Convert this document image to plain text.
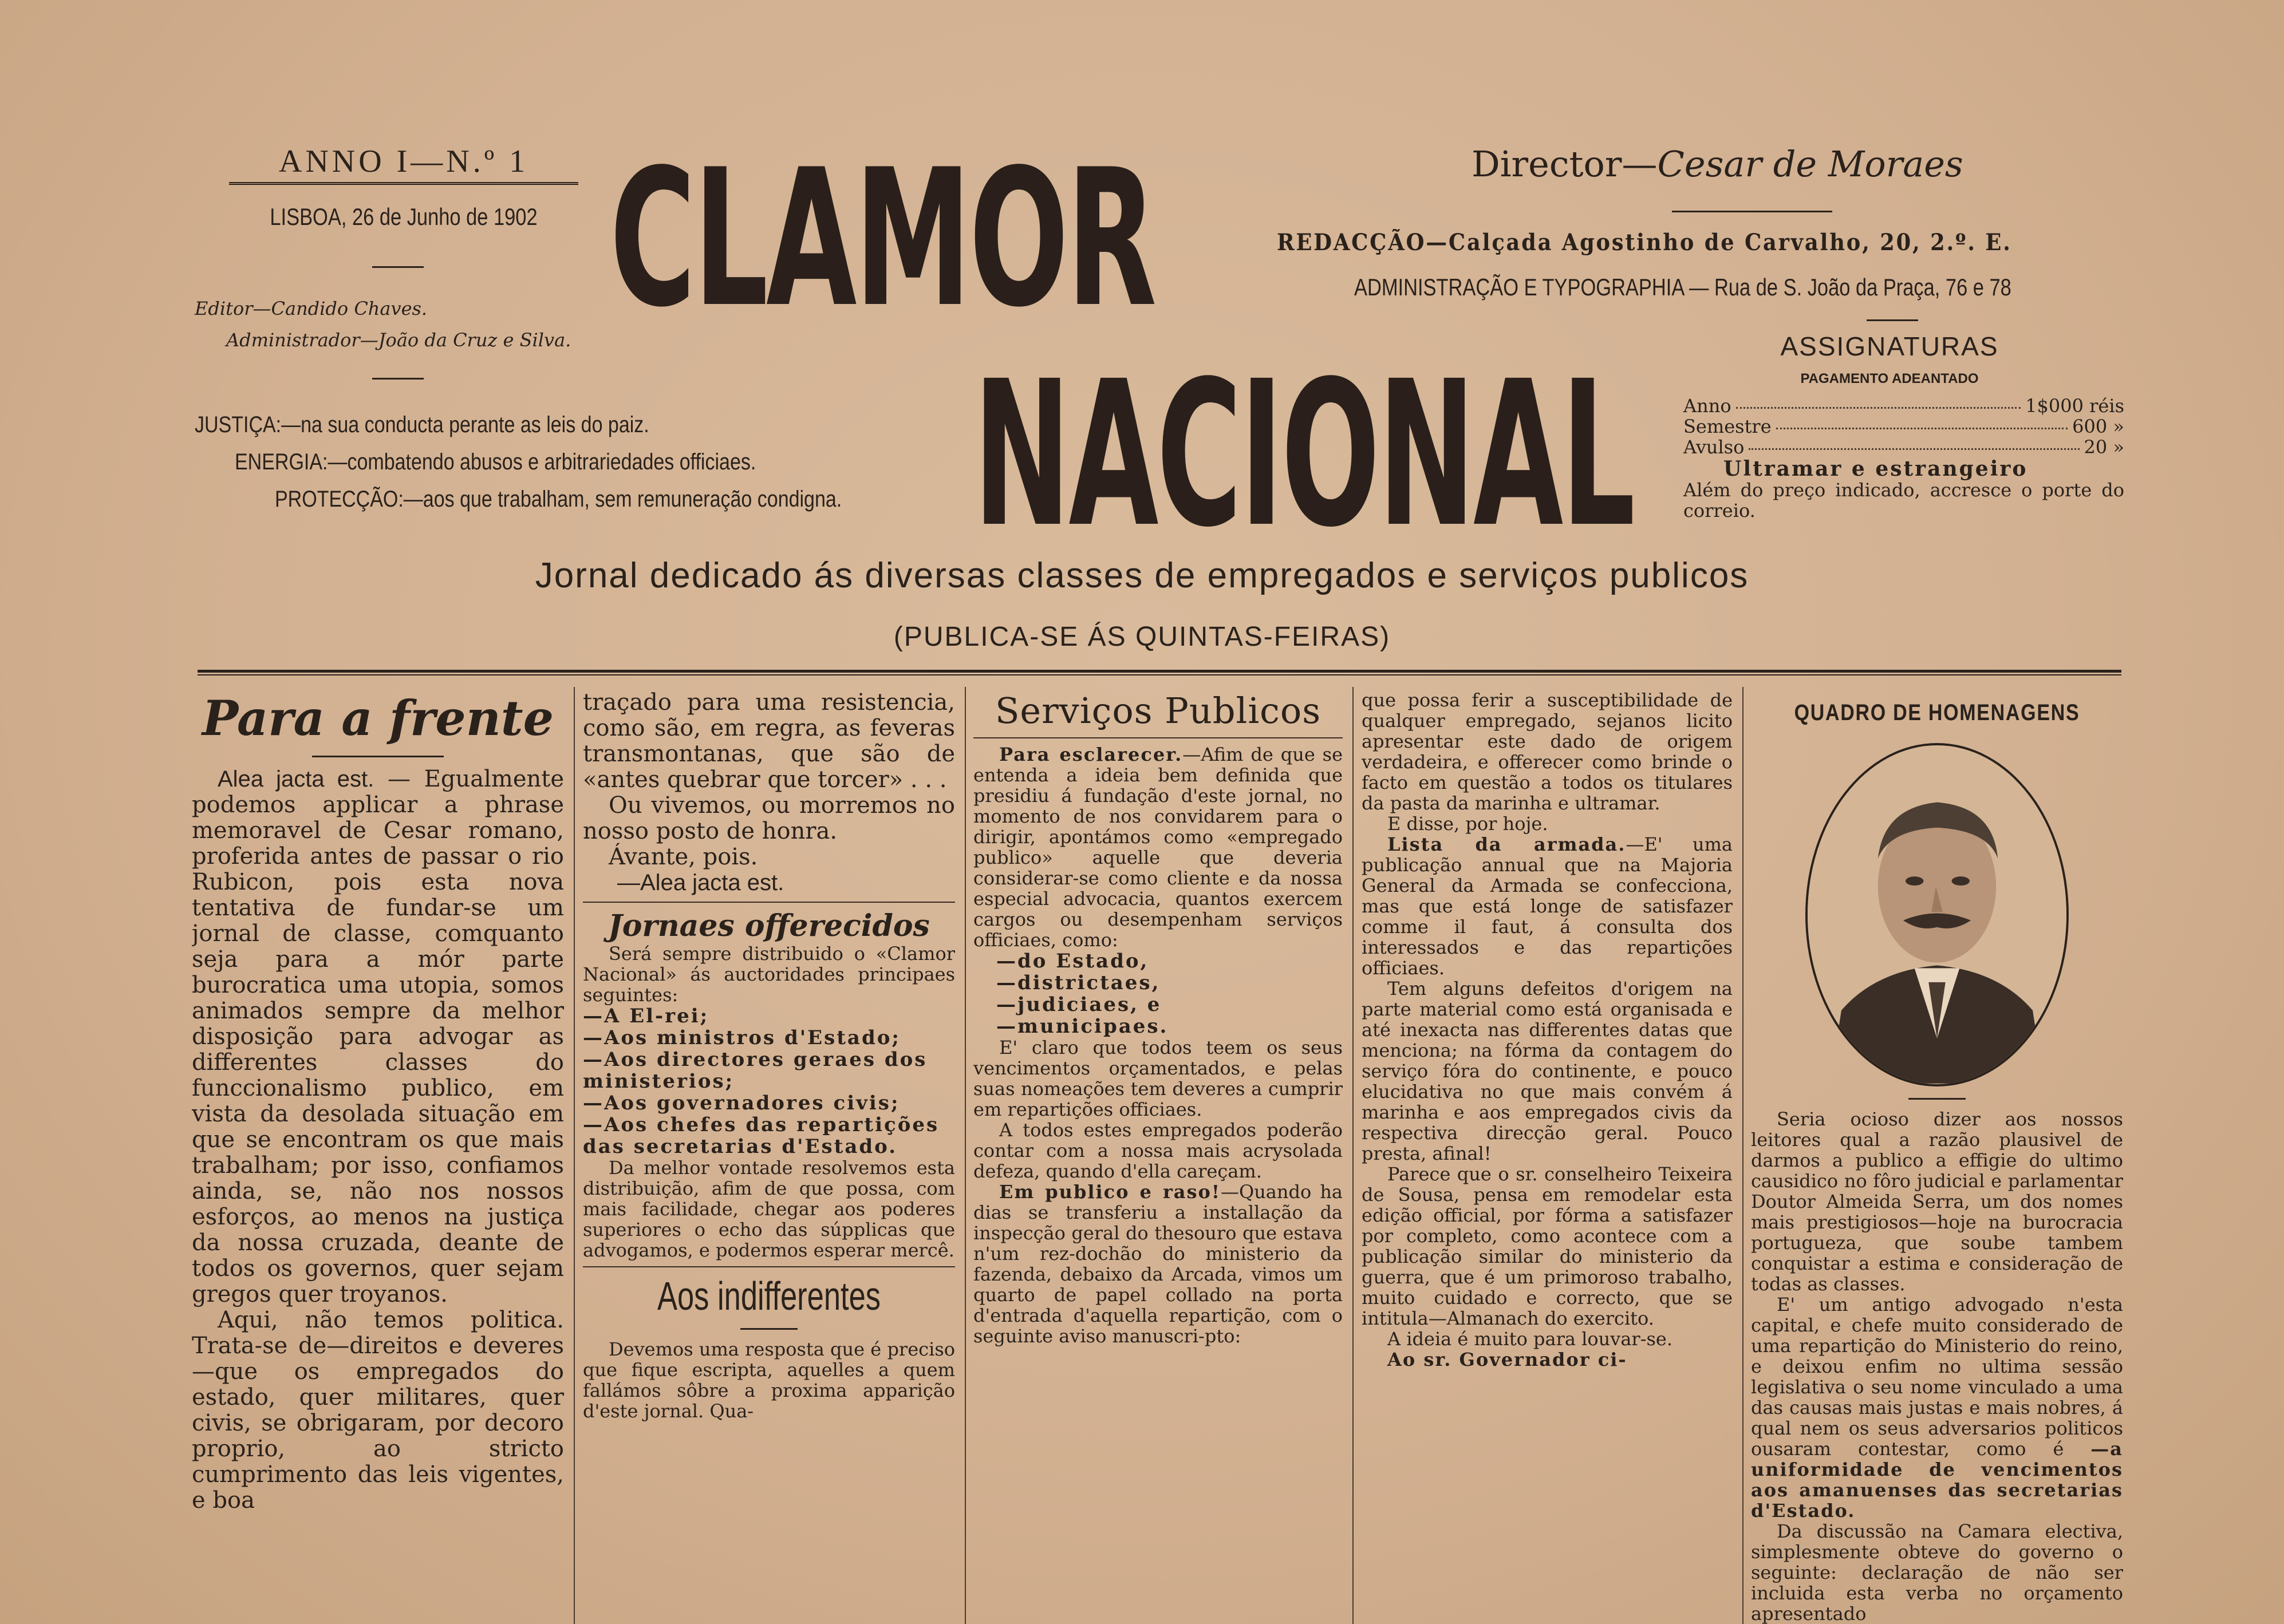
ANNO I—N.º 1
LISBOA, 26 de Junho de 1902
Editor—Candido Chaves.
Administrador—João da Cruz e Silva.
JUSTIÇA:—na sua conducta perante as leis do paiz.
ENERGIA:—combatendo abusos e arbitrariedades officiaes.
PROTECÇÃO:—aos que trabalham, sem remuneração condigna.
CLAMOR
NACIONAL
Director—Cesar de Moraes
REDACÇÃO—Calçada Agostinho de Carvalho, 20, 2.º. E.
ADMINISTRAÇÃO E TYPOGRAPHIA — Rua de S. João da Praça, 76 e 78
ASSIGNATURAS
PAGAMENTO ADEANTADO
Anno	1$000 réis
Semestre	600 »
Avulso	20 »
Ultramar e estrangeiro
Além do preço indicado, accresce o porte do correio.
Jornal dedicado ás diversas classes de empregados e serviços publicos
(PUBLICA-SE ÁS QUINTAS-FEIRAS)
Para a frente

Alea jacta est. — Egualmente podemos applicar a phrase memoravel de Cesar romano, proferida antes de passar o rio Rubicon, pois esta nova tentativa de fundar-se um jornal de classe, comquanto seja para a mór parte burocratica uma utopia, somos animados sempre da melhor disposição para advogar as differentes classes do funccionalismo publico, em vista da desolada situação em que se encontram os que mais trabalham; por isso, confiamos ainda, se, não nos nossos esforços, ao menos na justiça da nossa cruzada, deante de todos os governos, quer sejam gregos quer troyanos.

Aqui, não temos politica. Trata-se de—direitos e deveres—que os empregados do estado, quer militares, quer civis, se obrigaram, por decoro proprio, ao stricto cumprimento das leis vigentes, e boa

traçado para uma resistencia, como são, em regra, as feveras transmontanas, que são de «antes quebrar que torcer» . . .

Ou vivemos, ou morremos no nosso posto de honra.

Ávante, pois.

—Alea jacta est.

Jornaes offerecidos

Será sempre distribuido o «Clamor Nacional» ás auctoridades principaes seguintes:

—A El-rei;
—Aos ministros d'Estado;
—Aos directores geraes dos ministerios;
—Aos governadores civis;
—Aos chefes das repartições das secretarias d'Estado.

Da melhor vontade resolvemos esta distribuição, afim de que possa, com mais facilidade, chegar aos poderes superiores o echo das súpplicas que advogamos, e podermos esperar mercê.

Aos indifferentes

Devemos uma resposta que é preciso que fique escripta, aquelles a quem fallámos sôbre a proxima apparição d'este jornal. Qua-

Serviços Publicos

Para esclarecer.—Afim de que se entenda a ideia bem definida que presidiu á fundação d'este jornal, no momento de nos convidarem para o dirigir, apontámos como «empregado publico» aquelle que deveria considerar-se como cliente e da nossa especial advocacia, quantos exercem cargos ou desempenham serviços officiaes, como:

—do Estado,
—districtaes,
—judiciaes, e
—municipaes.

E' claro que todos teem os seus vencimentos orçamentados, e pelas suas nomeações tem deveres a cumprir em repartições officiaes.

A todos estes empregados poderão contar com a nossa mais acrysolada defeza, quando d'ella careçam.

Em publico e raso!—Quando ha dias se transferiu a installação da inspecção geral do thesouro que estava n'um rez-dochão do ministerio da fazenda, debaixo da Arcada, vimos um quarto de papel collado na porta d'entrada d'aquella repartição, com o seguinte aviso manuscri-pto:

que possa ferir a susceptibilidade de qualquer empregado, sejanos licito apresentar este dado de origem verdadeira, e offerecer como brinde o facto em questão a todos os titulares da pasta da marinha e ultramar.

E disse, por hoje.

Lista da armada.—E' uma publicação annual que na Majoria General da Armada se confecciona, mas que está longe de satisfazer comme il faut, á consulta dos interessados e das repartições officiaes.

Tem alguns defeitos d'origem na parte material como está organisada e até inexacta nas differentes datas que menciona; na fórma da contagem do serviço fóra do continente, e pouco elucidativa no que mais convém á marinha e aos empregados civis da respectiva direcção geral. Pouco presta, afinal!

Parece que o sr. conselheiro Teixeira de Sousa, pensa em remodelar esta edição official, por fórma a satisfazer por completo, como acontece com a publicação similar do ministerio da guerra, que é um primoroso trabalho, muito cuidado e correcto, que se intitula—Almanach do exercito.

A ideia é muito para louvar-se.

Ao sr. Governador ci-

QUADRO DE HOMENAGENS

Seria ocioso dizer aos nossos leitores qual a razão plausivel de darmos a publico a effigie do ultimo causidico no fôro judicial e parlamentar Doutor Almeida Serra, um dos nomes mais prestigiosos—hoje na burocracia portugueza, que soube tambem conquistar a estima e consideração de todas as classes.

E' um antigo advogado n'esta capital, e chefe muito considerado de uma repartição do Ministerio do reino, e deixou enfim no ultima sessão legislativa o seu nome vinculado a uma das causas mais justas e mais nobres, á qual nem os seus adversarios politicos ousaram contestar, como é —a uniformidade de vencimentos aos amanuenses das secretarias d'Estado.

Da discussão na Camara electiva, simplesmente obteve do governo o seguinte: declaração de não ser incluida esta verba no orçamento apresentado
